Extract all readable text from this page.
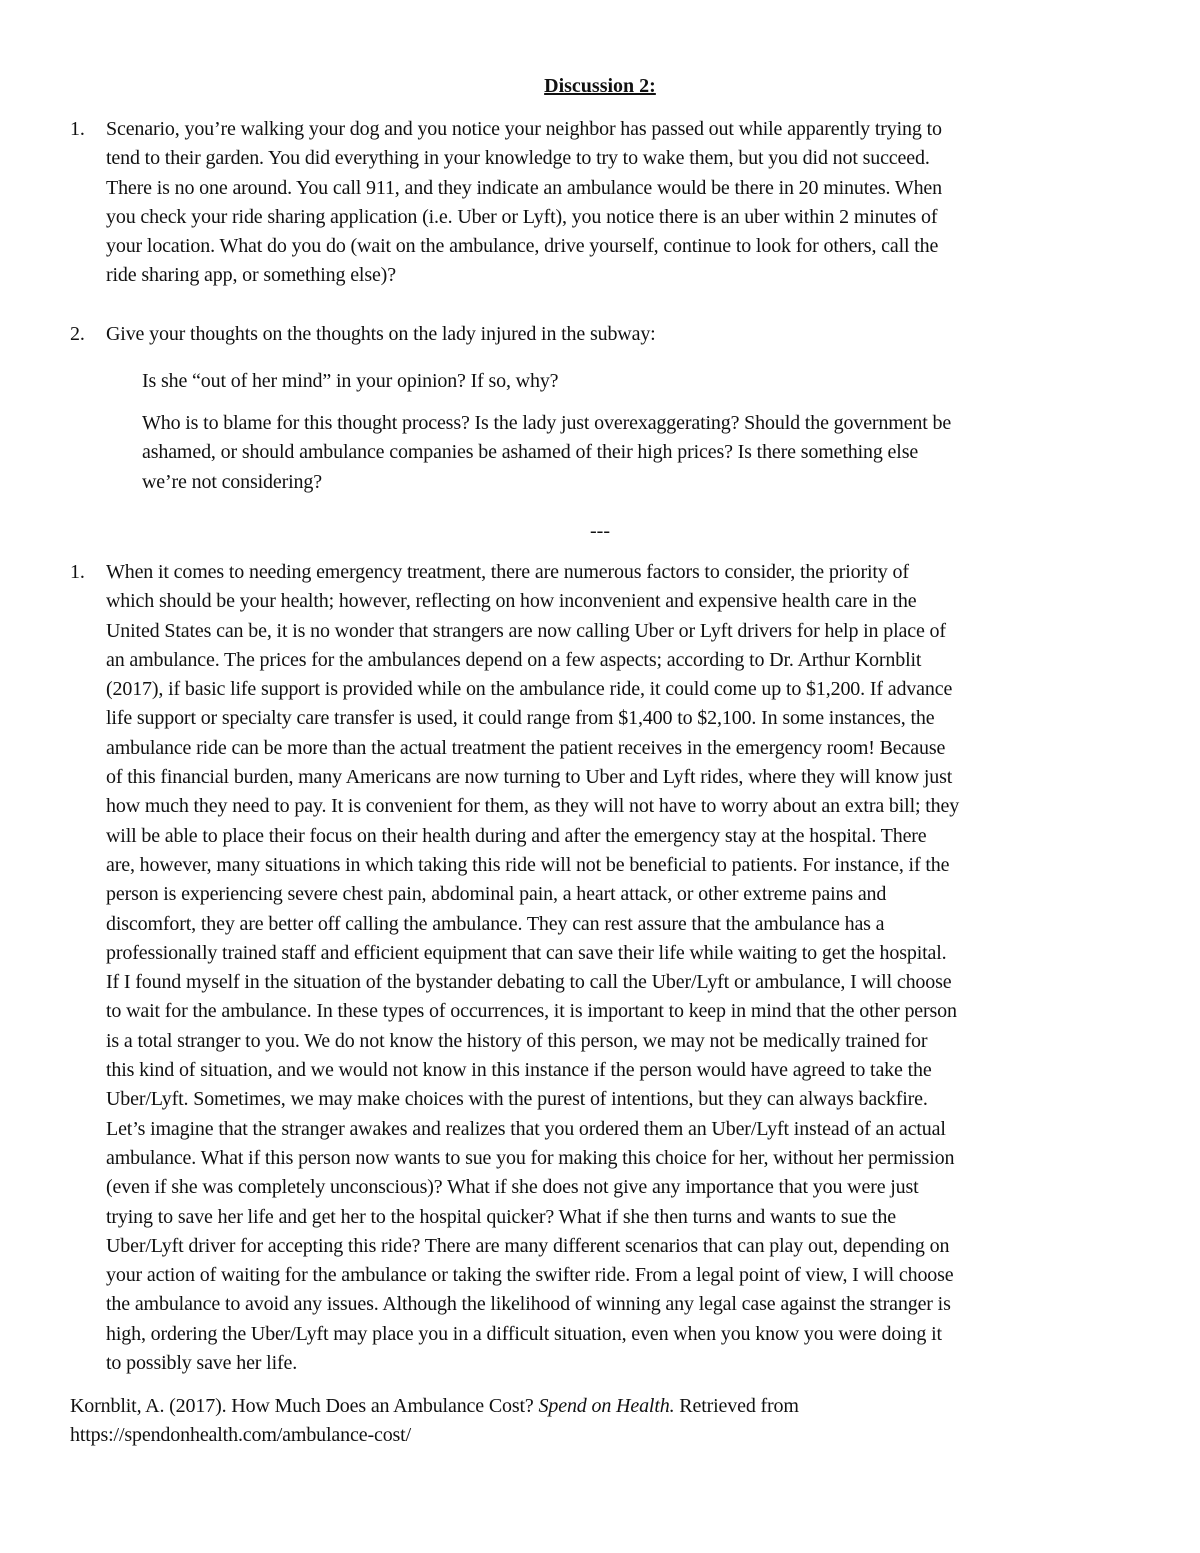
Discussion 2:
1.	Scenario, you’re walking your dog and you notice your neighbor has passed out while apparently trying to
tend to their garden. You did everything in your knowledge to try to wake them, but you did not succeed.
There is no one around. You call 911, and they indicate an ambulance would be there in 20 minutes. When
you check your ride sharing application (i.e. Uber or Lyft), you notice there is an uber within 2 minutes of
your location. What do you do (wait on the ambulance, drive yourself, continue to look for others, call the
ride sharing app, or something else)?
2.	Give your thoughts on the thoughts on the lady injured in the subway:
Is she “out of her mind” in your opinion? If so, why?
Who is to blame for this thought process? Is the lady just overexaggerating? Should the government be
ashamed, or should ambulance companies be ashamed of their high prices? Is there something else
we’re not considering?
---
1.	When it comes to needing emergency treatment, there are numerous factors to consider, the priority of
which should be your health; however, reflecting on how inconvenient and expensive health care in the
United States can be, it is no wonder that strangers are now calling Uber or Lyft drivers for help in place of
an ambulance. The prices for the ambulances depend on a few aspects; according to Dr. Arthur Kornblit
(2017), if basic life support is provided while on the ambulance ride, it could come up to $1,200. If advance
life support or specialty care transfer is used, it could range from $1,400 to $2,100. In some instances, the
ambulance ride can be more than the actual treatment the patient receives in the emergency room! Because
of this financial burden, many Americans are now turning to Uber and Lyft rides, where they will know just
how much they need to pay. It is convenient for them, as they will not have to worry about an extra bill; they
will be able to place their focus on their health during and after the emergency stay at the hospital. There
are, however, many situations in which taking this ride will not be beneficial to patients. For instance, if the
person is experiencing severe chest pain, abdominal pain, a heart attack, or other extreme pains and
discomfort, they are better off calling the ambulance. They can rest assure that the ambulance has a
professionally trained staff and efficient equipment that can save their life while waiting to get the hospital.
If I found myself in the situation of the bystander debating to call the Uber/Lyft or ambulance, I will choose
to wait for the ambulance. In these types of occurrences, it is important to keep in mind that the other person
is a total stranger to you. We do not know the history of this person, we may not be medically trained for
this kind of situation, and we would not know in this instance if the person would have agreed to take the
Uber/Lyft. Sometimes, we may make choices with the purest of intentions, but they can always backfire.
Let’s imagine that the stranger awakes and realizes that you ordered them an Uber/Lyft instead of an actual
ambulance. What if this person now wants to sue you for making this choice for her, without her permission
(even if she was completely unconscious)? What if she does not give any importance that you were just
trying to save her life and get her to the hospital quicker? What if she then turns and wants to sue the
Uber/Lyft driver for accepting this ride? There are many different scenarios that can play out, depending on
your action of waiting for the ambulance or taking the swifter ride. From a legal point of view, I will choose
the ambulance to avoid any issues. Although the likelihood of winning any legal case against the stranger is
high, ordering the Uber/Lyft may place you in a difficult situation, even when you know you were doing it
to possibly save her life.
Kornblit, A. (2017). How Much Does an Ambulance Cost? Spend on Health. Retrieved from
https://spendonhealth.com/ambulance-cost/
